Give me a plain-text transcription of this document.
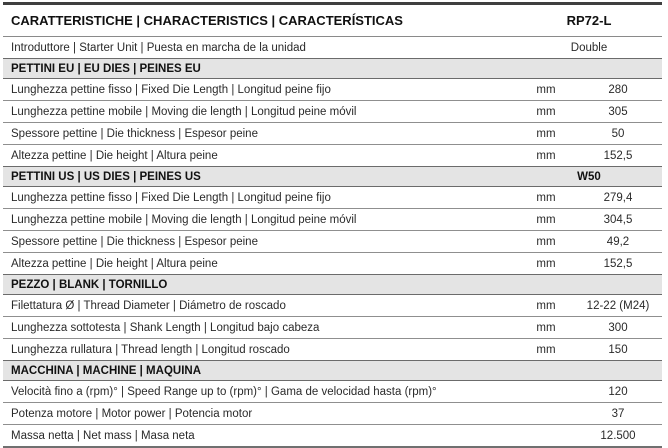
CARATTERISTICHE | CHARACTERISTICS | CARACTERÍSTICAS	RP72-L
Introduttore | Starter Unit | Puesta en marcha de la unidad	Double
PETTINI EU | EU DIES | PEINES EU
Lunghezza pettine fisso | Fixed Die Length | Longitud peine fijo	mm	280
Lunghezza pettine mobile | Moving die length | Longitud peine móvil	mm	305
Spessore pettine | Die thickness | Espesor peine	mm	50
Altezza pettine | Die height | Altura peine	mm	152,5
PETTINI US | US DIES | PEINES US	W50
Lunghezza pettine fisso | Fixed Die Length | Longitud peine fijo	mm	279,4
Lunghezza pettine mobile | Moving die length | Longitud peine móvil	mm	304,5
Spessore pettine | Die thickness | Espesor peine	mm	49,2
Altezza pettine | Die height | Altura peine	mm	152,5
PEZZO | BLANK | TORNILLO
Filettatura Ø | Thread Diameter | Diámetro de roscado	mm	12-22 (M24)
Lunghezza sottotesta | Shank Length | Longitud bajo cabeza	mm	300
Lunghezza rullatura | Thread length | Longitud roscado	mm	150
MACCHINA | MACHINE | MÁQUINA
Velocità fino a (rpm)° | Speed Range up to (rpm)° | Gama de velocidad hasta (rpm)°	120
Potenza motore | Motor power | Potencia motor	37
Massa netta | Net mass | Masa neta	12.500
